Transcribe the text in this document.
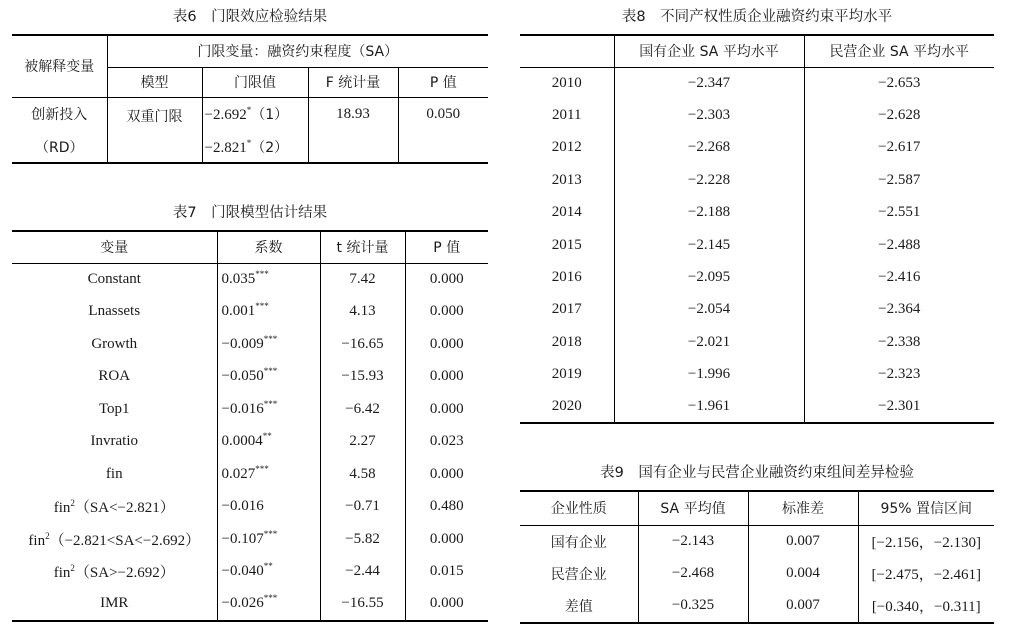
表6　门限效应检验结果
被解释变量	门限变量：融资约束程度（SA）			
	模型	门限值	F 统计量	P 值
创新投入	双重门限	−2.692*（1）	18.93	0.050
（RD）		−2.821*（2）		
表7　门限模型估计结果
变量	系数	t 统计量	P 值
Constant	0.035***	7.42	0.000
Lnassets	0.001***	4.13	0.000
Growth	−0.009***	−16.65	0.000
ROA	−0.050***	−15.93	0.000
Top1	−0.016***	−6.42	0.000
Invratio	0.0004**	2.27	0.023
fin	0.027***	4.58	0.000
fin$^2$（SA<−2.821）	−0.016	−0.71	0.480
fin$^2$（−2.821<SA<−2.692）	−0.107***	−5.82	0.000
fin$^2$（SA>−2.692）	−0.040**	−2.44	0.015
IMR	−0.026***	−16.55	0.000
表8　不同产权性质企业融资约束平均水平
	国有企业 SA 平均水平	民营企业 SA 平均水平
2010	−2.347	−2.653
2011	−2.303	−2.628
2012	−2.268	−2.617
2013	−2.228	−2.587
2014	−2.188	−2.551
2015	−2.145	−2.488
2016	−2.095	−2.416
2017	−2.054	−2.364
2018	−2.021	−2.338
2019	−1.996	−2.323
2020	−1.961	−2.301
表9　国有企业与民营企业融资约束组间差异检验
企业性质	SA 平均值	标准差	95% 置信区间
国有企业	−2.143	0.007	[−2.156，−2.130]
民营企业	−2.468	0.004	[−2.475，−2.461]
差值	−0.325	0.007	[−0.340，−0.311]
